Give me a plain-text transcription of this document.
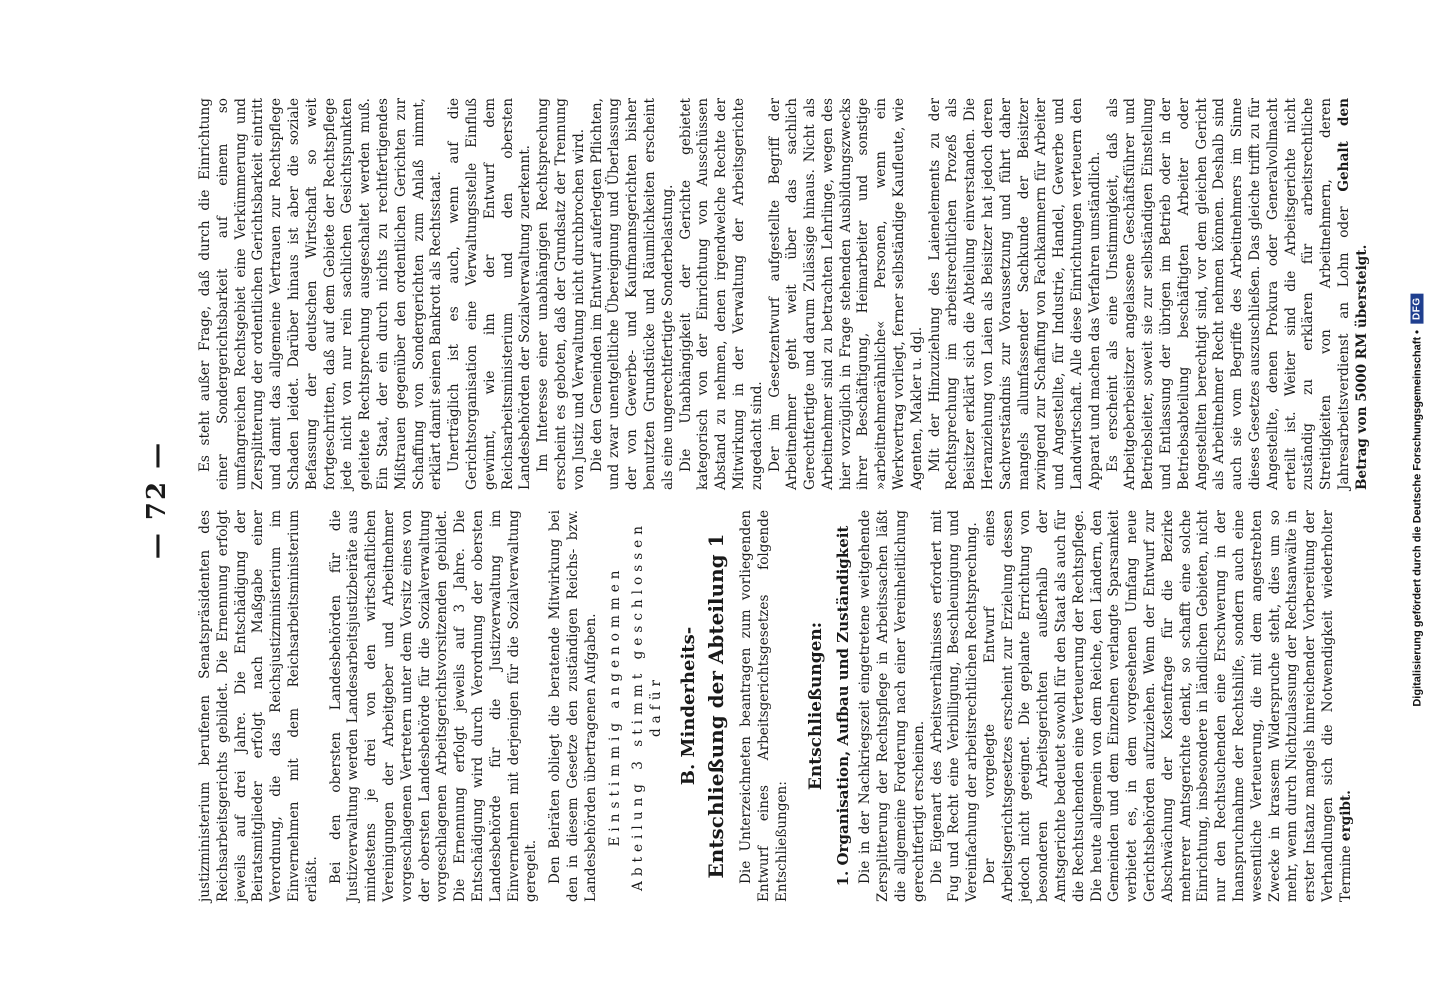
— 72 —

justizministerium berufenen Senatspräsidenten des Reichsarbeitsgerichts gebildet. Die Ernennung erfolgt jeweils auf drei Jahre. Die Entschädigung der Beiratsmitglieder erfolgt nach Maßgabe einer Verordnung, die das Reichsjustizministerium im Einvernehmen mit dem Reichsarbeitsministerium erläßt. Bei den obersten Landesbehörden für die Justizverwaltung werden Landesarbeitsjustizbeiräte aus mindestens je drei von den wirtschaftlichen Vereinigungen der Arbeitgeber und Arbeitnehmer vorgeschlagenen Vertretern unter dem Vorsitz eines von der obersten Landesbehörde für die Sozialverwaltung vorgeschlagenen Arbeitsgerichtsvorsitzenden gebildet. Die Ernennung erfolgt jeweils auf 3 Jahre. Die Entschädigung wird durch Verordnung der obersten Landesbehörde für die Justizverwaltung im Einvernehmen mit derjenigen für die Sozialverwaltung geregelt. Den Beiräten obliegt die beratende Mitwirkung bei den in diesem Gesetze den zuständigen Reichs- bzw. Landesbehörden übertragenen Aufgaben. Einstimmig angenommen Abteilung 3 stimmt geschlossen dafür B. Minderheits- Entschließung der Abteilung 1 Die Unterzeichneten beantragen zum vorliegenden Entwurf eines Arbeitsgerichtsgesetzes folgende Entschließungen:

Entschließungen: 1. Organisation, Aufbau und Zuständigkeit Die in der Nachkriegszeit eingetretene weitgehende Zersplitterung der Rechtspflege in Arbeitssachen läßt die allgemeine Forderung nach einer Vereinheitlichung gerechtfertigt erscheinen. Die Eigenart des Arbeitsverhältnisses erfordert mit Fug und Recht eine Verbilligung, Beschleunigung und Vereinfachung der arbeitsrechtlichen Rechtsprechung. Der vorgelegte Entwurf eines Arbeitsgerichtsgesetzes erscheint zur Erzielung dessen jedoch nicht geeignet. Die geplante Errichtung von besonderen Arbeitsgerichten außerhalb der Amtsgerichte bedeutet sowohl für den Staat als auch für die Rechtsuchenden eine Verteuerung der Rechtspflege. Die heute allgemein von dem Reiche, den Ländern, den Gemeinden und dem Einzelnen verlangte Sparsamkeit verbietet es, in dem vorgesehenen Umfang neue Gerichtsbehörden aufzuziehen. Wenn der Entwurf zur Abschwächung der Kostenfrage für die Bezirke mehrerer Amtsgerichte denkt, so schafft eine solche Einrichtung, insbesondere in ländlichen Gebieten, nicht nur den Rechtsuchenden eine Erschwerung in der Inanspruchnahme der Rechtshilfe, sondern auch eine wesentliche Verteuerung, die mit dem angestrebten Zwecke in krassem Widerspruche steht, dies um so mehr, wenn durch Nichtzulassung der Rechtsanwälte in erster Instanz mangels hinreichender Vorbereitung der Verhandlungen sich die Notwendigkeit wiederholter Termine ergibt.

Es steht außer Frage, daß durch die Einrichtung einer Sondergerichtsbarkeit auf einem so umfangreichen Rechtsgebiet eine Verkümmerung und Zersplitterung der ordentlichen Gerichtsbarkeit eintritt und damit das allgemeine Vertrauen zur Rechtspflege Schaden leidet. Darüber hinaus ist aber die soziale Befassung der deutschen Wirtschaft so weit fortgeschritten, daß auf dem Gebiete der Rechtspflege jede nicht von nur rein sachlichen Gesichtspunkten geleitete Rechtsprechung ausgeschaltet werden muß. Ein Staat, der ein durch nichts zu rechtfertigendes Mißtrauen gegenüber den ordentlichen Gerichten zur Schaffung von Sondergerichten zum Anlaß nimmt, erklärt damit seinen Bankrott als Rechtsstaat. Unerträglich ist es auch, wenn auf die Gerichtsorganisation eine Verwaltungsstelle Einfluß gewinnt, wie ihn der Entwurf dem Reichsarbeitsministerium und den obersten Landesbehörden der Sozialverwaltung zuerkennt. Im Interesse einer unabhängigen Rechtsprechung erscheint es geboten, daß der Grundsatz der Trennung von Justiz und Verwaltung nicht durchbrochen wird. Die den Gemeinden im Entwurf auferlegten Pflichten, und zwar unentgeltliche Übereignung und Überlassung der von Gewerbe- und Kaufmannsgerichten bisher benutzten Grundstücke und Räumlichkeiten erscheint als eine ungerechtfertigte Sonderbelastung. Die Unabhängigkeit der Gerichte gebietet kategorisch von der Einrichtung von Ausschüssen Abstand zu nehmen, denen irgendwelche Rechte der Mitwirkung in der Verwaltung der Arbeitsgerichte zugedacht sind. Der im Gesetzentwurf aufgestellte Begriff der Arbeitnehmer geht weit über das sachlich Gerechtfertigte und darum Zulässige hinaus. Nicht als Arbeitnehmer sind zu betrachten Lehrlinge, wegen des hier vorzüglich in Frage stehenden Ausbildungszwecks ihrer Beschäftigung, Heimarbeiter und sonstige »arbeitnehmerähnliche« Personen, wenn ein Werkvertrag vorliegt, ferner selbständige Kaufleute, wie Agenten, Makler u. dgl. Mit der Hinzuziehung des Laienelements zu der Rechtsprechung im arbeitsrechtlichen Prozeß als Beisitzer erklärt sich die Abteilung einverstanden. Die Heranziehung von Laien als Beisitzer hat jedoch deren Sachverständnis zur Voraussetzung und führt daher mangels allumfassender Sachkunde der Beisitzer zwingend zur Schaffung von Fachkammern für Arbeiter und Angestellte, für Industrie, Handel, Gewerbe und Landwirtschaft. Alle diese Einrichtungen verteuern den Apparat und machen das Verfahren umständlich. Es erscheint als eine Unstimmigkeit, daß als Arbeitgeberbeisitzer angelassene Geschäftsführer und Betriebsleiter, soweit sie zur selbständigen Einstellung und Entlassung der übrigen im Betrieb oder in der Betriebsabteilung beschäftigten Arbeiter oder Angestellten berechtigt sind, vor dem gleichen Gericht als Arbeitnehmer Recht nehmen können. Deshalb sind auch sie vom Begriffe des Arbeitnehmers im Sinne dieses Gesetzes auszuschließen. Das gleiche trifft zu für Angestellte, denen Prokura oder Generalvollmacht erteilt ist. Weiter sind die Arbeitsgerichte nicht zuständig zu erklären für arbeitsrechtliche Streitigkeiten von Arbeitnehmern, deren Jahresarbeitsverdienst an Lohn oder Gehalt den Betrag von 5000 RM übersteigt.	Digitalisierung gefördert durch die Deutsche Forschungsgemeinschaft •
DFG
